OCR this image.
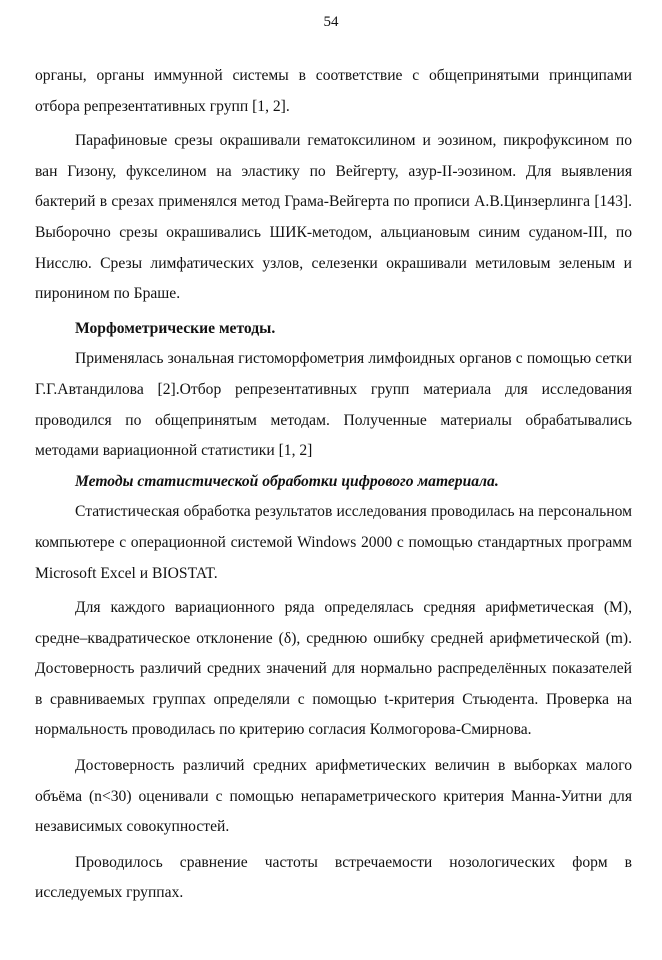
54

органы, органы иммунной системы в соответствие с общепринятыми принципами отбора репрезентативных групп [1, 2].

Парафиновые срезы окрашивали гематоксилином и эозином, пикрофуксином по ван Гизону, фукселином на эластику по Вейгерту, азур-II-эозином. Для выявления бактерий в срезах применялся метод Грама-Вейгерта по прописи А.В.Цинзерлинга [143]. Выборочно срезы окрашивались ШИК-методом, альциановым синим суданом-III, по Ниcслю. Срезы лимфатических узлов, селезенки окрашивали метиловым зеленым и пиронином по Браше.

Морфометрические методы.

Применялась зональная гистоморфометрия лимфоидных органов с помощью сетки Г.Г.Автандилова [2].Отбор репрезентативных групп материала для исследования проводился по общепринятым методам. Полученные материалы обрабатывались методами вариационной статистики [1, 2]

Методы статистической обработки цифрового материала.

Статистическая обработка результатов исследования проводилась на персональном компьютере с операционной системой Windows 2000 с помощью стандартных программ Microsoft Excel и BIOSTAT.

Для каждого вариационного ряда определялась средняя арифметическая (М), средне–квадратическое отклонение (δ), среднюю ошибку средней арифметической (m). Достоверность различий средних значений для нормально распределённых показателей в сравниваемых группах определяли с помощью t-критерия Стьюдента. Проверка на нормальность проводилась по критерию согласия Колмогорова-Смирнова.

Достоверность различий средних арифметических величин в выборках малого объёма (n<30) оценивали с помощью непараметрического критерия Манна-Уитни для независимых совокупностей.

Проводилось сравнение частоты встречаемости нозологических форм в исследуемых группах.
